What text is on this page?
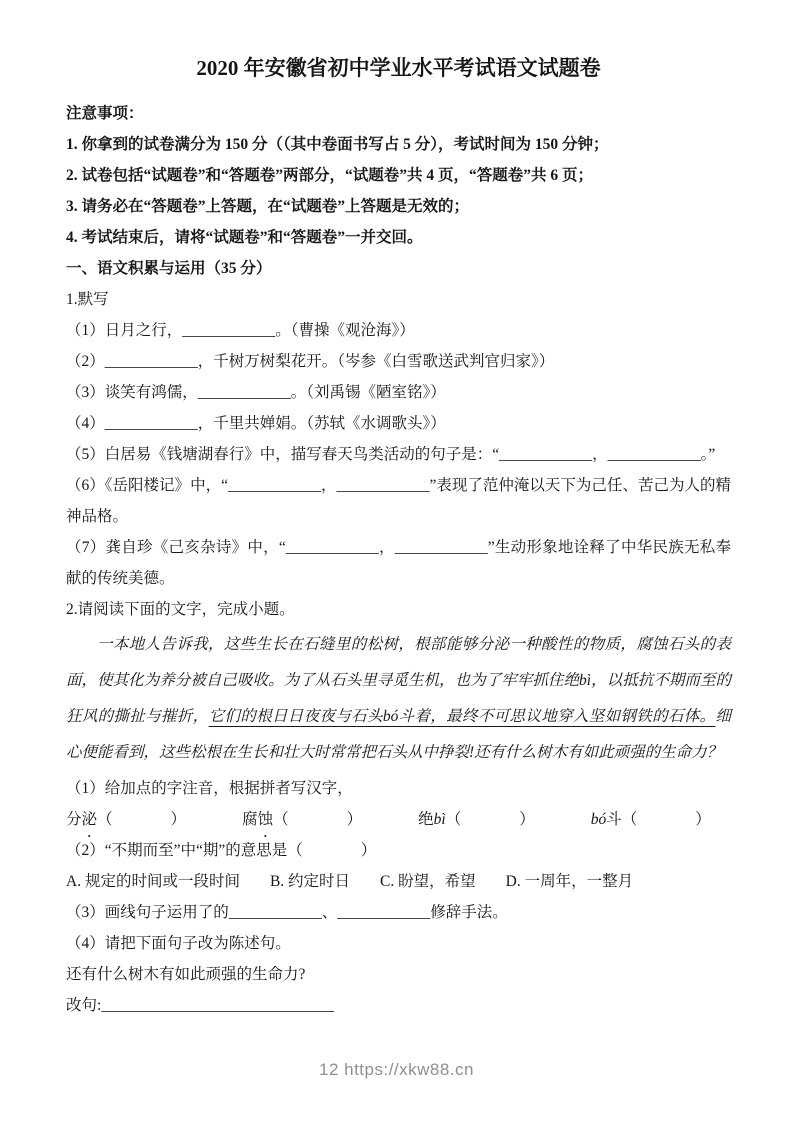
2020 年安徽省初中学业水平考试语文试题卷

注意事项：

1. 你拿到的试卷满分为 150 分（（其中卷面书写占 5 分），考试时间为 150 分钟；

2. 试卷包括“试题卷”和“答题卷”两部分，“试题卷”共 4 页，“答题卷”共 6 页；

3. 请务必在“答题卷”上答题，在“试题卷”上答题是无效的；

4. 考试结束后，请将“试题卷”和“答题卷”一并交回。

一、语文积累与运用（35 分）

1.默写

（1）日月之行，____________。（曹操《观沧海》）

（2）____________，千树万树梨花开。（岑参《白雪歌送武判官归家》）

（3）谈笑有鸿儒，____________。（刘禹锡《陋室铭》）

（4）____________，千里共婵娟。（苏轼《水调歌头》）

（5）白居易《钱塘湖春行》中，描写春天鸟类活动的句子是：“____________，____________。”

（6）《岳阳楼记》中，“____________，____________”表现了范仲淹以天下为己任、苦己为人的精神品格。

（7）龚自珍《己亥杂诗》中，“____________，____________”生动形象地诠释了中华民族无私奉献的传统美德。

2.请阅读下面的文字，完成小题。

一本地人告诉我，这些生长在石缝里的松树，根部能够分泌一种酸性的物质，腐蚀石头的表面，使其化为养分被自己吸收。为了从石头里寻觅生机，也为了牢牢抓住绝bì，以抵抗不期而至的狂风的撕扯与摧折，它们的根日日夜夜与石头bó斗着，最终不可思议地穿入坚如钢铁的石体。细心便能看到，这些松根在生长和壮大时常常把石头从中挣裂!还有什么树木有如此顽强的生命力？

（1）给加点的字注音，根据拼者写汉字，

分泌（	）	腐蚀（	）	绝bì（	）	bó斗（	）

（2）“不期而至”中“期”的意思是（	）

A. 规定的时间或一段时间 B. 约定时日 C. 盼望，希望 D. 一周年，一整月

（3）画线句子运用了的____________、____________修辞手法。

（4）请把下面句子改为陈述句。

还有什么树木有如此顽强的生命力?

改句:______________________________

12 https://xkw88.cn
